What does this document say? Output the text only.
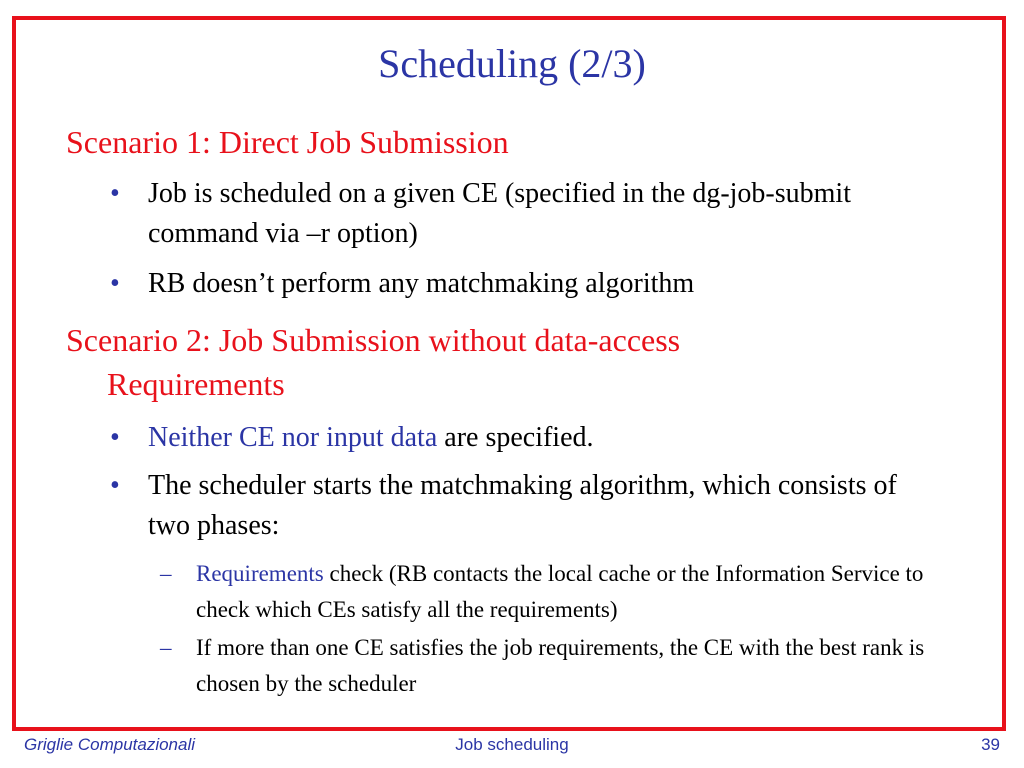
Scheduling (2/3)
Scenario 1: Direct Job Submission
•	Job is scheduled on a given CE (specified in the dg-job-submit command via –r option)
•	RB doesn’t perform any matchmaking algorithm
Scenario 2: Job Submission without data-access
Requirements
•	Neither CE nor input data are specified.
•	The scheduler starts the matchmaking algorithm, which consists of two phases:
–	Requirements check (RB contacts the local cache or the Information Service to check which CEs satisfy all the requirements)
–	If more than one CE satisfies the job requirements, the CE with the best rank is chosen by the scheduler
Griglie Computazionali	Job scheduling	39
